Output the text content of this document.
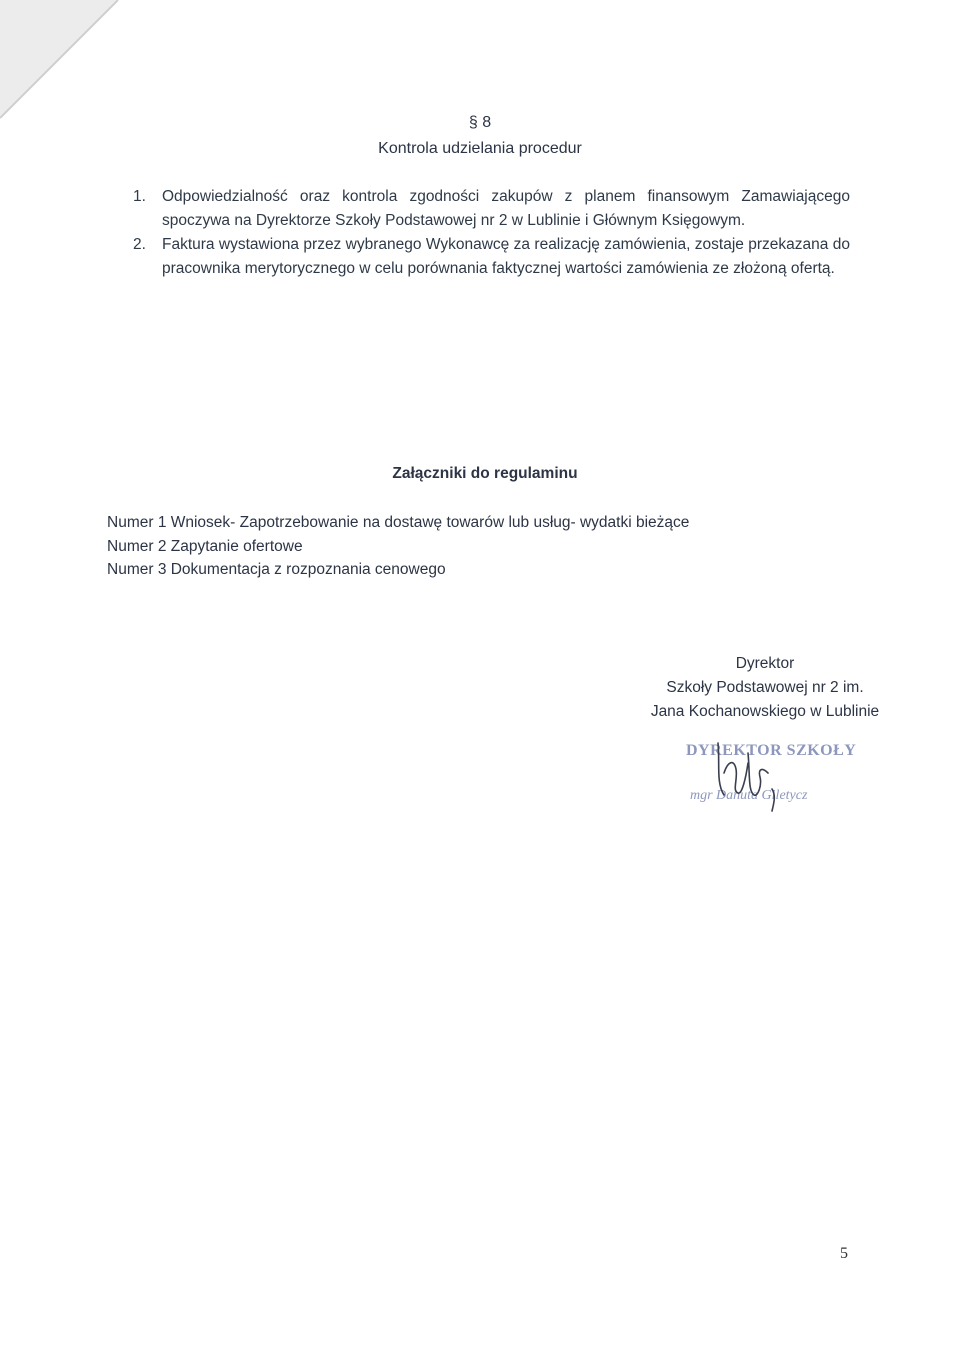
§ 8
Kontrola udzielania procedur
1. Odpowiedzialność oraz kontrola zgodności zakupów z planem finansowym Zamawiającego spoczywa na Dyrektorze Szkoły Podstawowej nr 2 w Lublinie i Głównym Księgowym.
2. Faktura wystawiona przez wybranego Wykonawcę za realizację zamówienia, zostaje przekazana do pracownika merytorycznego w celu porównania faktycznej wartości zamówienia ze złożoną ofertą.
Załączniki do regulaminu
Numer 1 Wniosek- Zapotrzebowanie na dostawę towarów lub usług- wydatki bieżące
Numer 2 Zapytanie ofertowe
Numer 3 Dokumentacja z rozpoznania cenowego
Dyrektor
Szkoły Podstawowej nr 2 im.
Jana Kochanowskiego w Lublinie
DYREKTOR SZKOŁY
mgr Danuta Giletycz
5
